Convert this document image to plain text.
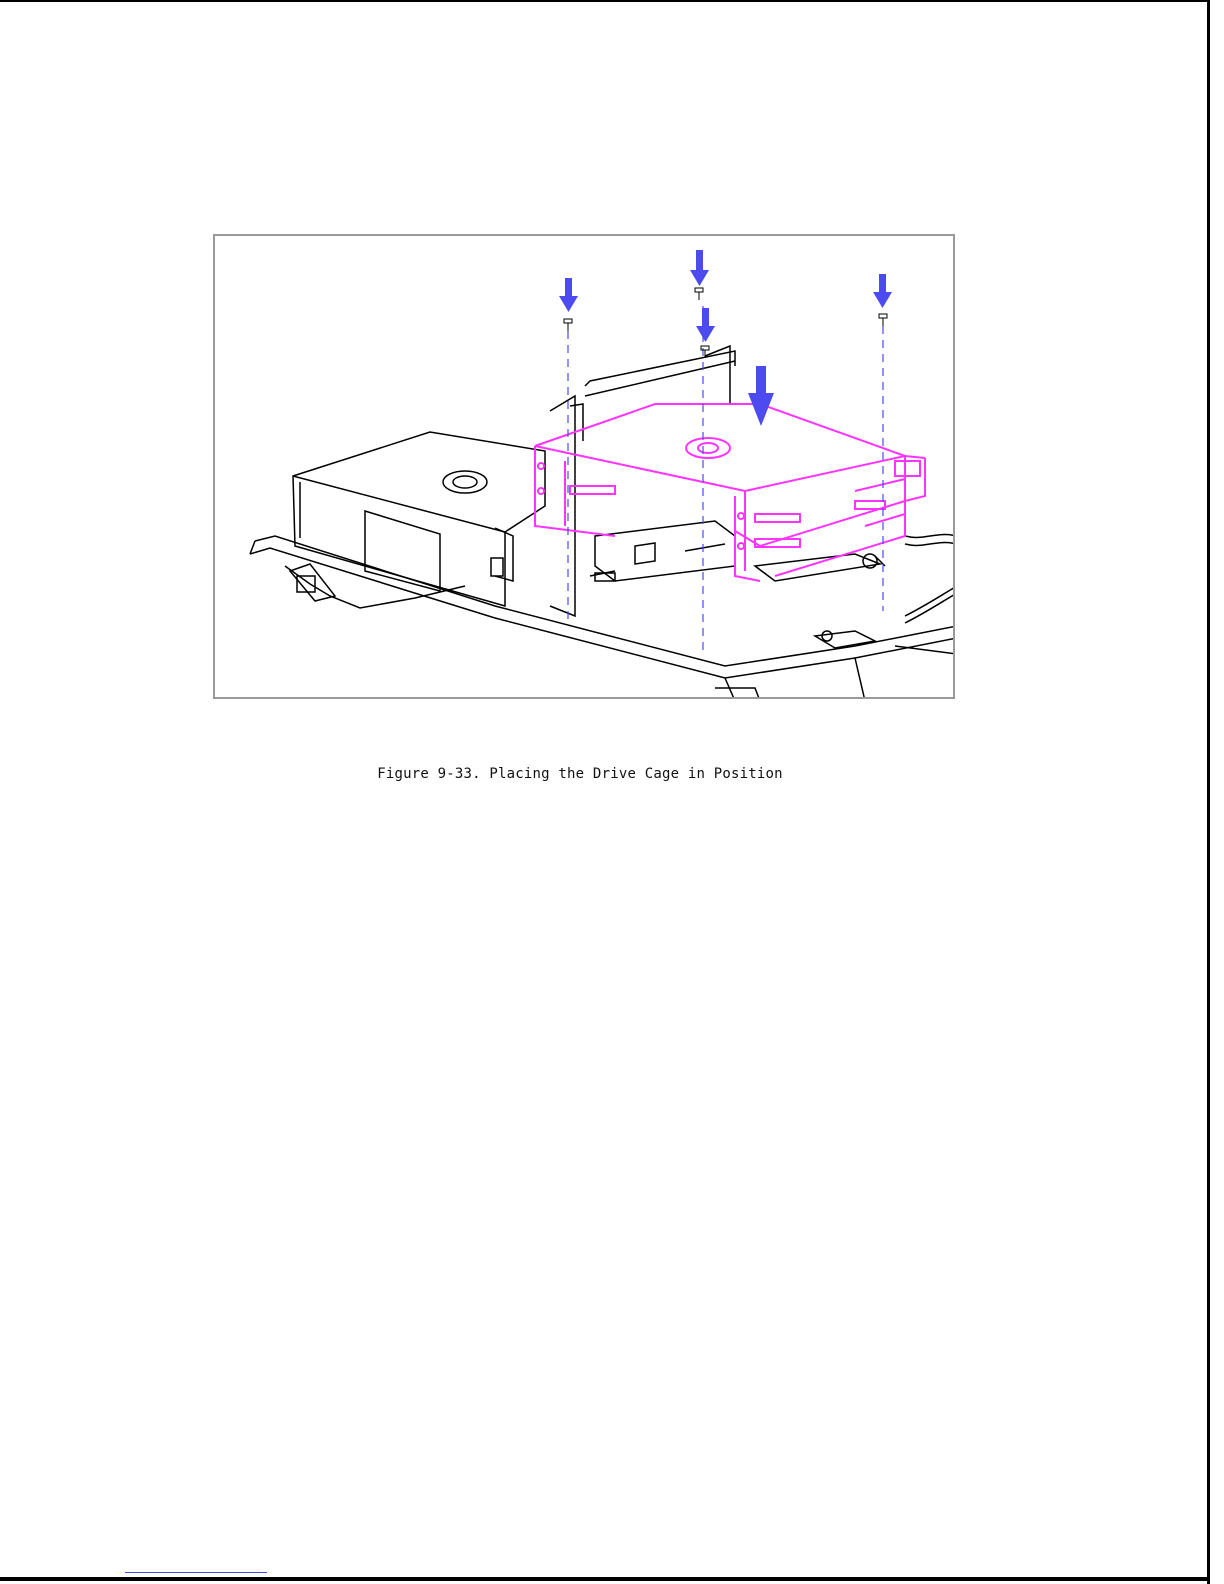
Figure 9-33. Placing the Drive Cage in Position
